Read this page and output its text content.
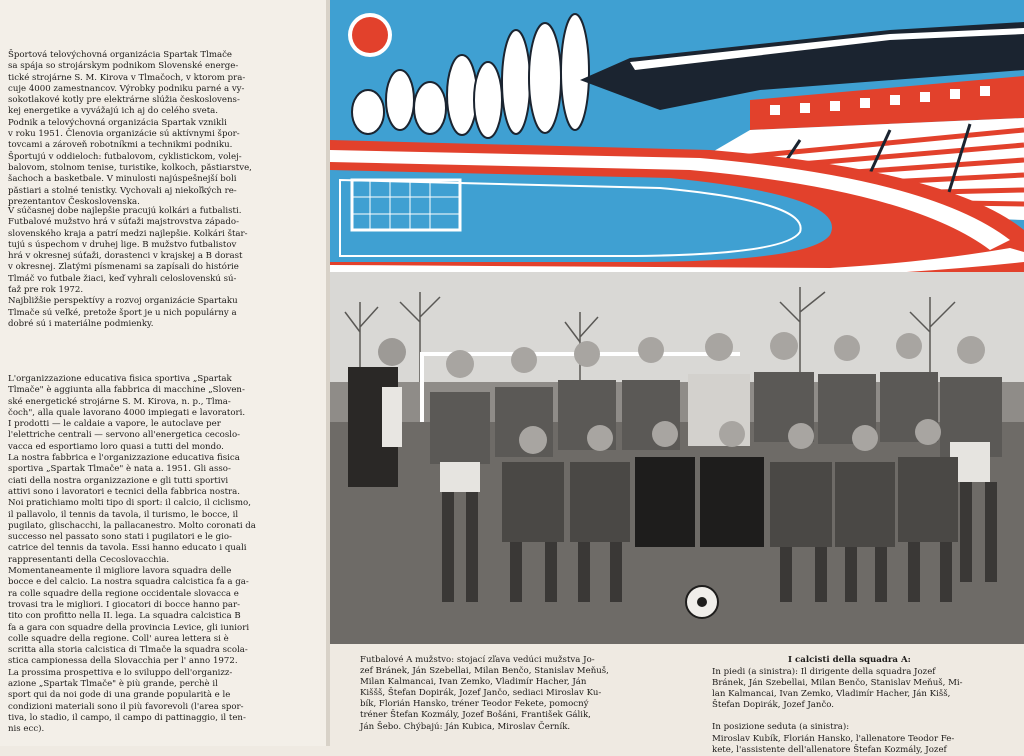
Športová telovýchovná organizácia Spartak Tlmače
sa spája so strojárskym podnikom Slovenské energe-
tické strojárne S. M. Kirova v Tlmačoch, v ktorom pra-
cuje 4000 zamestnancov. Výrobky podniku parné a vy-
sokotlakové kotly pre elektrárne slúžia českoslovens-
kej energetike a vyvážajú ich aj do celého sveta.
Podnik a telovýchovná organizácia Spartak vznikli
v roku 1951. Členovia organizácie sú aktívnymi špor-
tovcami a zároveň robotníkmi a technikmi podniku.
Športujú v oddieloch: futbalovom, cyklistickom, volej-
balovom, stolnom tenise, turistike, kolkoch, păstiarstve,
šachoch a basketbale. V minulosti najúspešnejší boli
păstiari a stolné tenistky. Vychovali aj niekoľkých re-
prezentantov Československa.

V súčasnej dobe najlepšie pracujú kolkári a futbalisti.
Futbalové mužstvo hrá v súťaži majstrovstva západo-
slovenského kraja a patrí medzi najlepšie. Kolkári štar-
tujú s úspechom v druhej lige. B mužstvo futbalistov
hrá v okresnej súťaži, dorastenci v krajskej a B dorast
v okresnej. Zlatými písmenami sa zapísali do histórie
Tlmáč vo futbale žiaci, keď vyhrali celoslovenskú sú-
ťaž pre rok 1972.
Najbližšie perspektívy a rozvoj organizácie Spartaku
Tlmače sú veľké, pretože šport je u nich populárny a
dobré sú i materiálne podmienky.

L'organizzazione educativa fisica sportiva „Spartak
Tlmače" è aggiunta alla fabbrica di macchine „Sloven-
ské energetické strojárne S. M. Kirova, n. p., Tlma-
čoch", alla quale lavorano 4000 impiegati e lavoratori.
I prodotti — le caldaie a vapore, le autoclave per
l'elettriche centrali — servono all'energetica cecoslo-
vacca ed esportiamo loro quasi a tutti del mondo.
La nostra fabbrica e l'organizzazione educativa fisica
sportiva „Spartak Tlmače" è nata a. 1951. Gli asso-
ciati della nostra organizzazione e gli tutti sportivi
attivi sono i lavoratori e tecnici della fabbrica nostra.
Noi pratichiamo molti tipo di sport: il calcio, il ciclismo,
il pallavolo, il tennis da tavola, il turismo, le bocce, il
pugilato, glischacchi, la pallacanestro. Molto coronati da
successo nel passato sono stati i pugilatori e le gio-
catrice del tennis da tavola. Essi hanno educato i quali
rappresentanti della Cecoslovacchia.
Momentaneamente il migliore lavora squadra delle
bocce e del calcio. La nostra squadra calcistica fa a ga-
ra colle squadre della regione occidentale slovacca e
trovasi tra le migliori. I giocatori di bocce hanno par-
tito con profitto nella II. lega. La squadra calcistica B
fa a gara con squadre della provincia Levice, gli iuniori
colle squadre della regione. Coll' aurea lettera si è
scritta alla storia calcistica di Tlmače la squadra scola-
stica campionessa della Slovacchia per l' anno 1972.
La prossima prospettiva e lo sviluppo dell'organizz-
azione „Spartak Tlmače" è più grande, perchè il
sport qui da noi gode di una grande popularità e le
condizioni materiali sono il più favorevoli (l'area spor-
tiva, lo stadio, il campo, il campo di pattinaggio, il ten-
nis ecc).

Futbalové A mužstvo: stojací zľava vedúci mužstva Jo-
zef Bránek, Ján Szebellai, Milan Benčo, Stanislav Meňuš,
Milan Kalmancai, Ivan Zemko, Vladimír Hacher, Ján
Kiššš, Štefan Dopirák, Jozef Jančo, sediaci Miroslav Ku-
bík, Florián Hansko, tréner Teodor Fekete, pomocný
tréner Štefan Kozmály, Jozef Bošáni, František Gálik,
Ján Šebo. Chýbajú: Ján Kubica, Miroslav Černík.

I calcisti della squadra A:

In piedi (a sinistra): Il dirigente della squadra Jozef
Bránek, Ján Szebellai, Milan Benčo, Stanislav Meňuš, Mi-
lan Kalmancai, Ivan Zemko, Vladimír Hacher, Ján Kišš,
Štefan Dopirák, Jozef Jančo.

In posizione seduta (a sinistra):
Miroslav Kubík, Florián Hansko, l'allenatore Teodor Fe-
kete, l'assistente dell'allenatore Štefan Kozmály, Jozef
